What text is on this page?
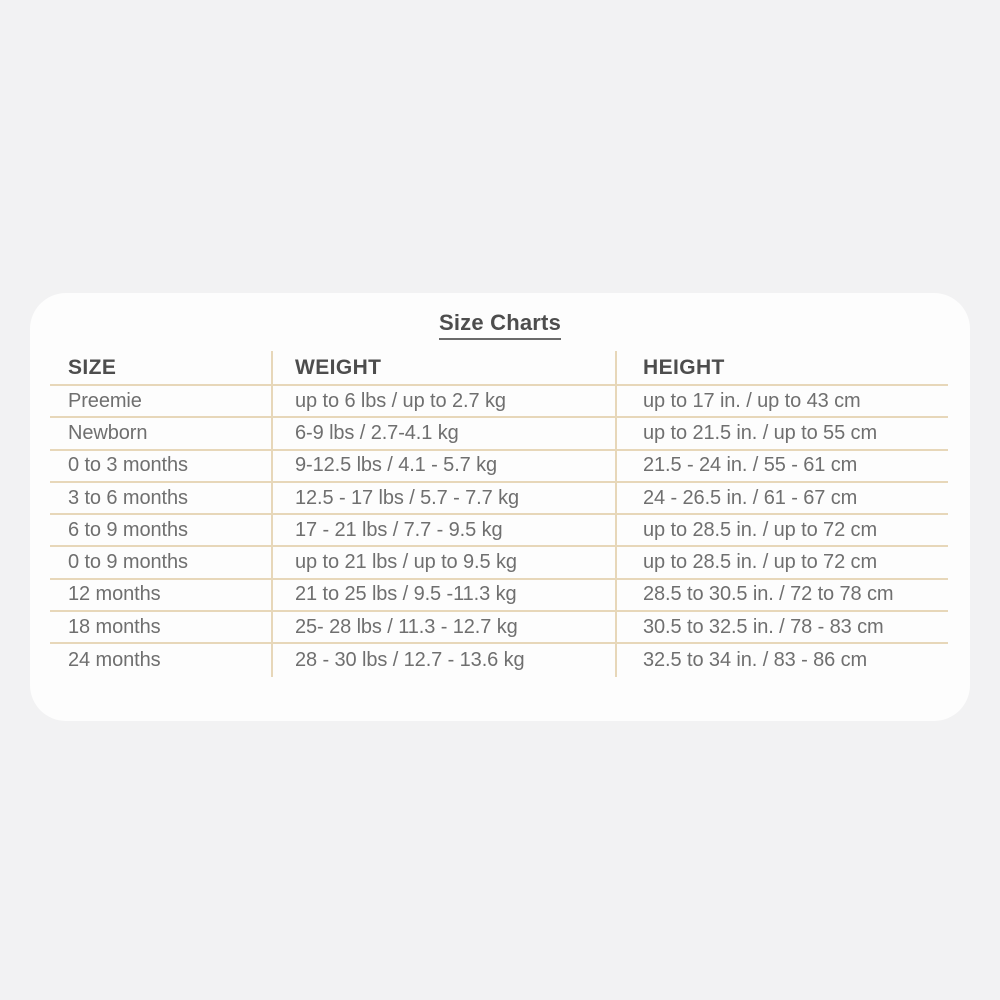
Size Charts
SIZE	WEIGHT	HEIGHT
Preemie	up to 6 lbs / up to 2.7 kg	up to 17 in. / up to 43 cm
Newborn	6-9 lbs / 2.7-4.1 kg	up to 21.5 in. / up to 55 cm
0 to 3 months	9-12.5 lbs / 4.1 - 5.7 kg	21.5 - 24 in. / 55 - 61 cm
3 to 6 months	12.5 - 17 lbs / 5.7 - 7.7 kg	24 - 26.5 in. / 61 - 67 cm
6 to 9 months	17 - 21 lbs / 7.7 - 9.5 kg	up to 28.5 in. / up to 72 cm
0 to 9 months	up to 21 lbs / up to 9.5 kg	up to 28.5 in. / up to 72 cm
12 months	21 to 25 lbs / 9.5 -11.3 kg	28.5 to 30.5 in. / 72 to 78 cm
18 months	25- 28 lbs / 11.3 - 12.7 kg	30.5 to 32.5 in. / 78 - 83 cm
24 months	28 - 30 lbs / 12.7 - 13.6 kg	32.5 to 34 in. / 83 - 86 cm
